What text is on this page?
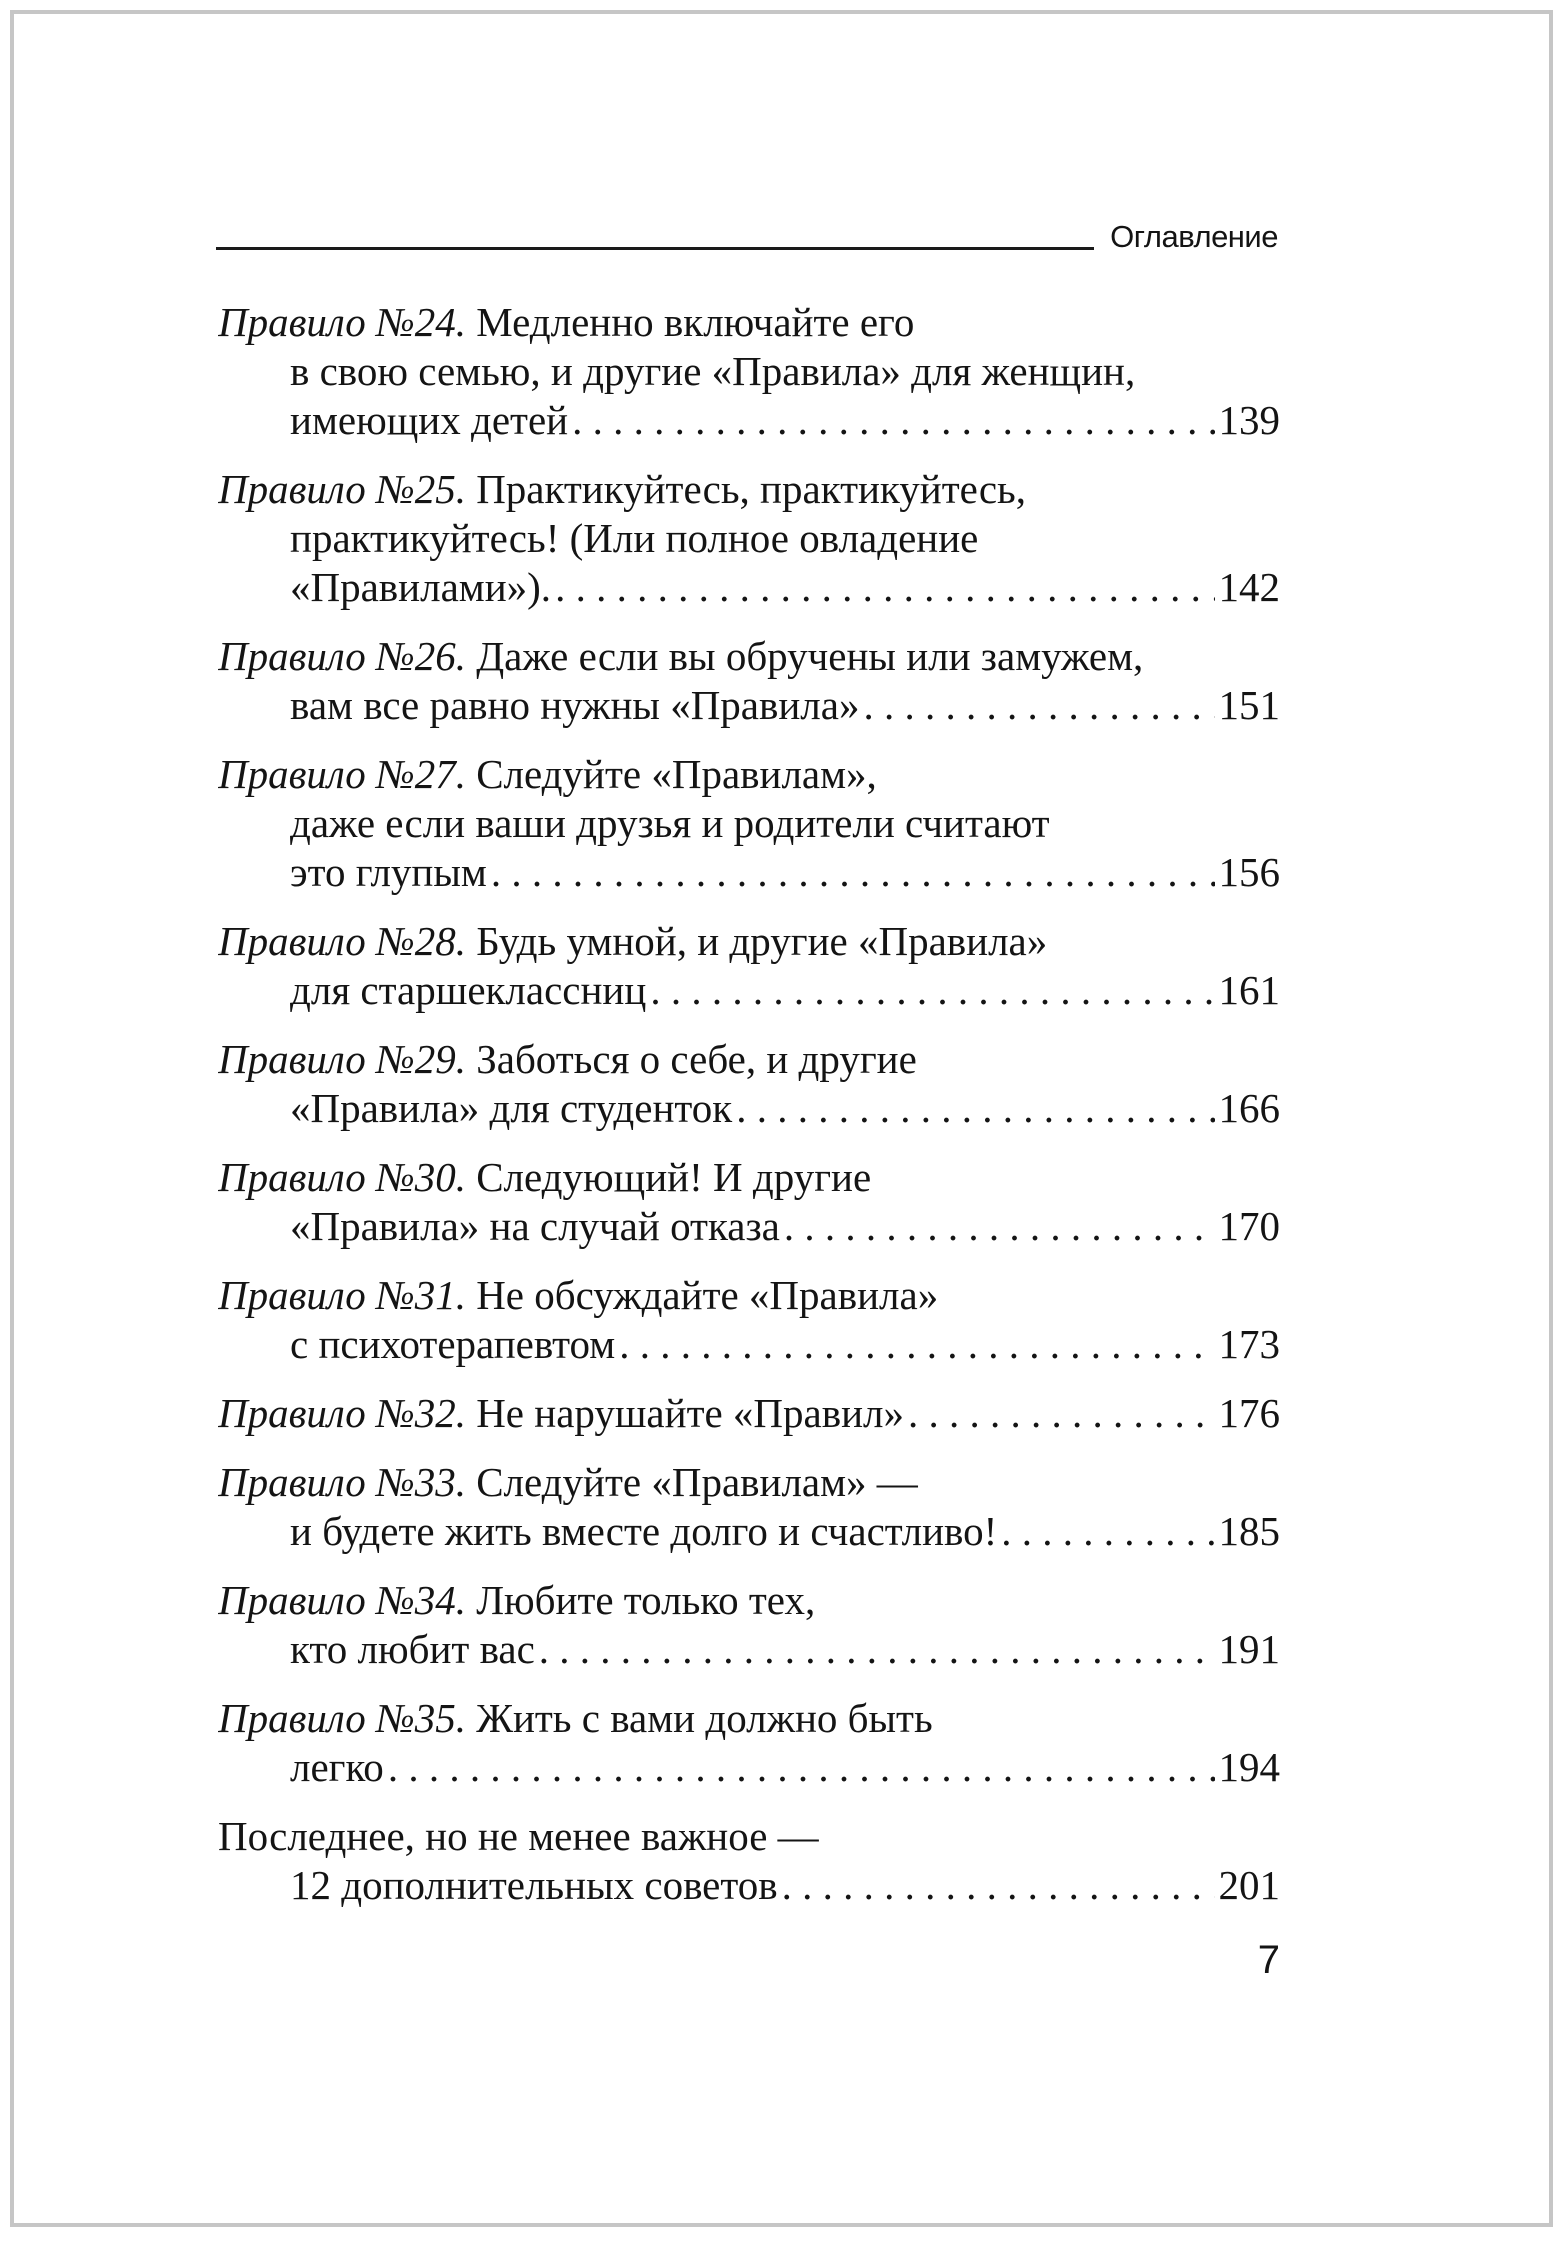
Оглавление
Правило №24. Медленно включайте его
в свою семью, и другие «Правила» для женщин,
имеющих детей . . .	139
Правило №25. Практикуйтесь, практикуйтесь,
практикуйтесь! (Или полное овладение
«Правилами»). . . .	142
Правило №26. Даже если вы обручены или замужем,
вам все равно нужны «Правила» . . .	151
Правило №27. Следуйте «Правилам»,
даже если ваши друзья и родители считают
это глупым . . .	156
Правило №28. Будь умной, и другие «Правила»
для старшеклассниц . . .	161
Правило №29. Заботься о себе, и другие
«Правила» для студенток . . .	166
Правило №30. Следующий! И другие
«Правила» на случай отказа . . .	170
Правило №31. Не обсуждайте «Правила»
с психотерапевтом . . .	173
Правило №32. Не нарушайте «Правил» . . .	176
Правило №33. Следуйте «Правилам» —
и будете жить вместе долго и счастливо! . . .	185
Правило №34. Любите только тех,
кто любит вас . . .	191
Правило №35. Жить с вами должно быть
легко . . .	194
Последнее, но не менее важное —
12 дополнительных советов . . .	201
7
